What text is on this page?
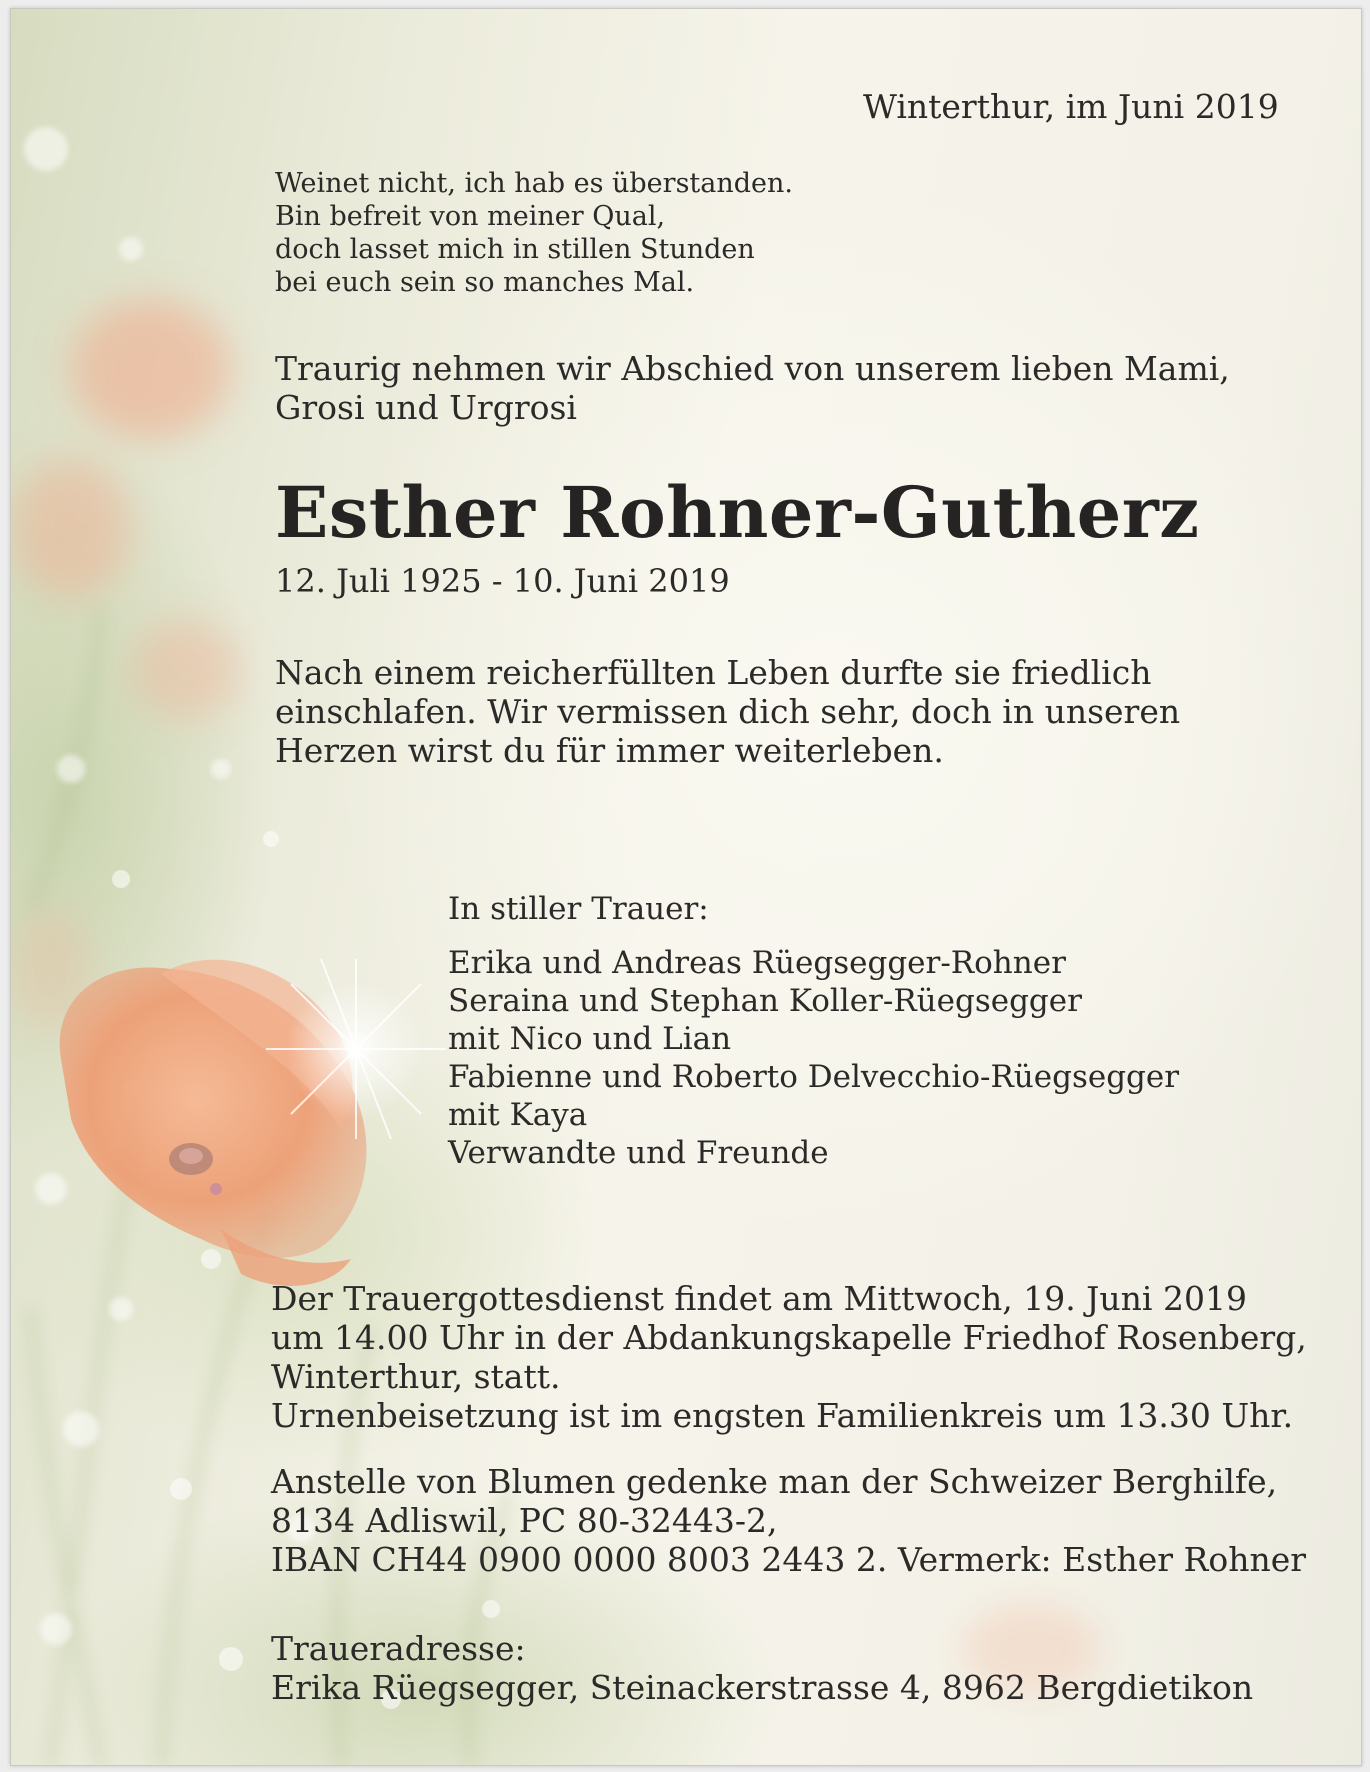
Winterthur, im Juni 2019

Weinet nicht, ich hab es überstanden.
Bin befreit von meiner Qual,
doch lasset mich in stillen Stunden
bei euch sein so manches Mal.
Traurig nehmen wir Abschied von unserem lieben Mami,
Grosi und Urgrosi
Esther Rohner-Gutherz

12. Juli 1925 - 10. Juni 2019

Nach einem reicherfüllten Leben durfte sie friedlich
einschlafen. Wir vermissen dich sehr, doch in unseren
Herzen wirst du für immer weiterleben.

In stiller Trauer:

Erika und Andreas Rüegsegger-Rohner
Seraina und Stephan Koller-Rüegsegger
mit Nico und Lian
Fabienne und Roberto Delvecchio-Rüegsegger
mit Kaya
Verwandte und Freunde
Der Trauergottesdienst findet am Mittwoch, 19. Juni 2019
um 14.00 Uhr in der Abdankungskapelle Friedhof Rosenberg,
Winterthur, statt.
Urnenbeisetzung ist im engsten Familienkreis um 13.30 Uhr.
Anstelle von Blumen gedenke man der Schweizer Berghilfe,
8134 Adliswil, PC 80-32443-2,
IBAN CH44 0900 0000 8003 2443 2. Vermerk: Esther Rohner

Traueradresse:

Erika Rüegsegger, Steinackerstrasse 4, 8962 Bergdietikon
